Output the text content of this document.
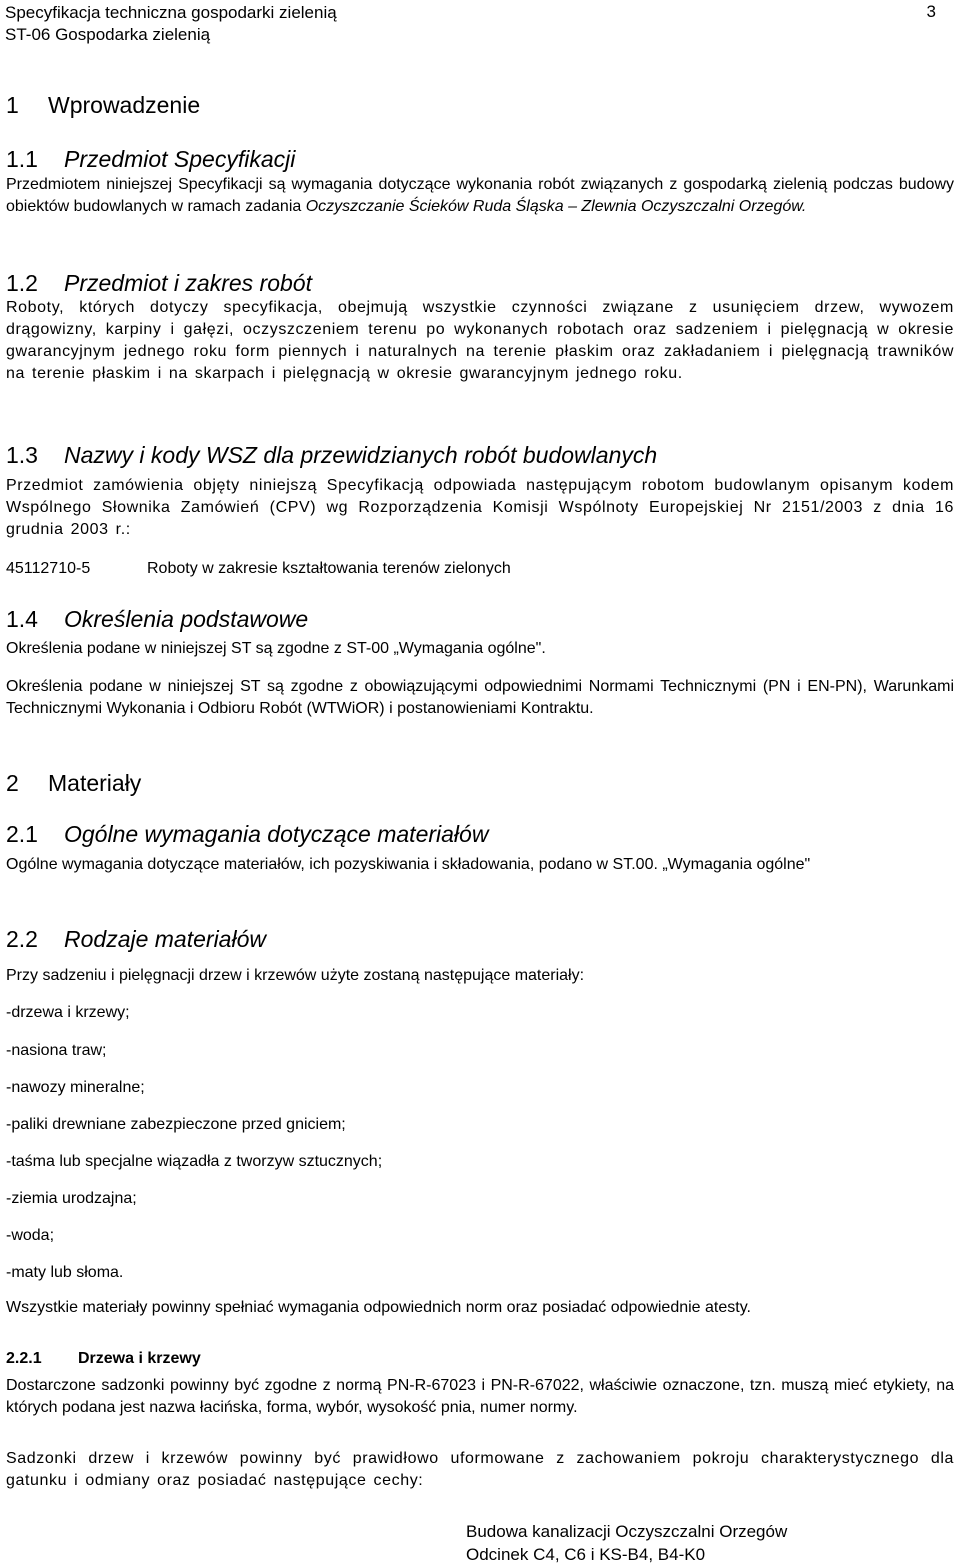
Specyfikacja techniczna gospodarki zielenią
ST-06 Gospodarka zielenią
3
1 Wprowadzenie
1.1 Przedmiot Specyfikacji
Przedmiotem niniejszej Specyfikacji są wymagania dotyczące wykonania robót związanych z gospodarką zielenią podczas budowy obiektów budowlanych w ramach zadania Oczyszczanie Ścieków Ruda Śląska – Zlewnia Oczyszczalni Orzegów.
1.2 Przedmiot i zakres robót
Roboty, których dotyczy specyfikacja, obejmują wszystkie czynności związane z usunięciem drzew, wywozem drągowizny, karpiny i gałęzi, oczyszczeniem terenu po wykonanych robotach oraz sadzeniem i pielęgnacją w okresie gwarancyjnym jednego roku form piennych i naturalnych na terenie płaskim oraz zakładaniem i pielęgnacją trawników na terenie płaskim i na skarpach i pielęgnacją w okresie gwarancyjnym jednego roku.
1.3 Nazwy i kody WSZ dla przewidzianych robót budowlanych
Przedmiot zamówienia objęty niniejszą Specyfikacją odpowiada następującym robotom budowlanym opisanym kodem Wspólnego Słownika Zamówień (CPV) wg Rozporządzenia Komisji Wspólnoty Europejskiej Nr 2151/2003 z dnia 16 grudnia 2003 r.:
45112710-5	Roboty w zakresie kształtowania terenów zielonych
1.4 Określenia podstawowe
Określenia podane w niniejszej ST są zgodne z ST-00 „Wymagania ogólne".
Określenia podane w niniejszej ST są zgodne z obowiązującymi odpowiednimi Normami Technicznymi (PN i EN-PN), Warunkami Technicznymi Wykonania i Odbioru Robót (WTWiOR) i postanowieniami Kontraktu.
2 Materiały
2.1 Ogólne wymagania dotyczące materiałów
Ogólne wymagania dotyczące materiałów, ich pozyskiwania i składowania, podano w ST.00. „Wymagania ogólne"
2.2 Rodzaje materiałów
Przy sadzeniu i pielęgnacji drzew i krzewów użyte zostaną następujące materiały:
-drzewa i krzewy;
-nasiona traw;
-nawozy mineralne;
-paliki drewniane zabezpieczone przed gniciem;
-taśma lub specjalne wiązadła z tworzyw sztucznych;
-ziemia urodzajna;
-woda;
-maty lub słoma.
Wszystkie materiały powinny spełniać wymagania odpowiednich norm oraz posiadać odpowiednie atesty.
2.2.1 Drzewa i krzewy
Dostarczone sadzonki powinny być zgodne z normą PN-R-67023 i PN-R-67022, właściwie oznaczone, tzn. muszą mieć etykiety, na których podana jest nazwa łacińska, forma, wybór, wysokość pnia, numer normy.
Sadzonki drzew i krzewów powinny być prawidłowo uformowane z zachowaniem pokroju charakterystycznego dla gatunku i odmiany oraz posiadać następujące cechy:
Budowa kanalizacji Oczyszczalni Orzegów
Odcinek C4, C6 i KS-B4, B4-K0
